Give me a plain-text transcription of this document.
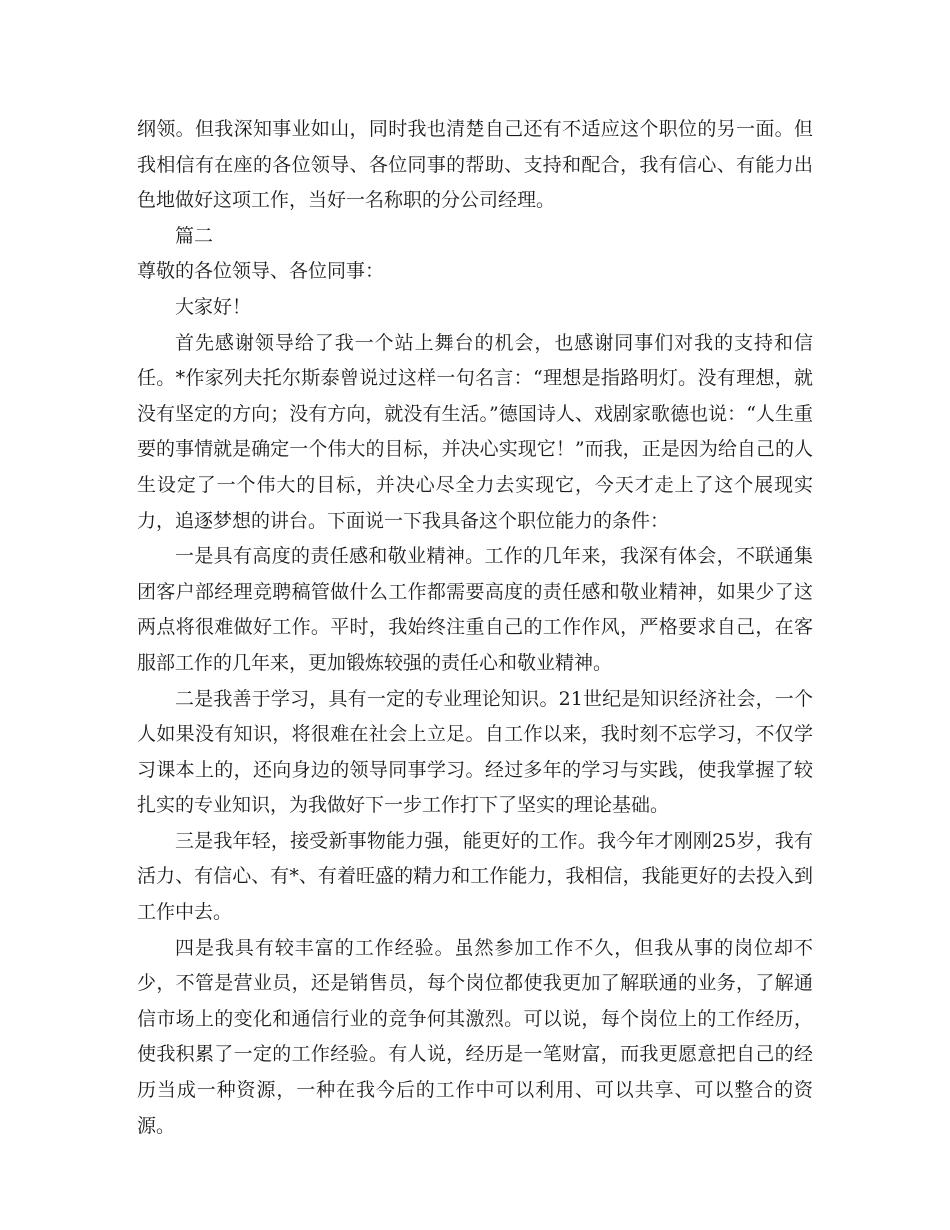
纲领。但我深知事业如山，同时我也清楚自己还有不适应这个职位的另一面。但我相信有在座的各位领导、各位同事的帮助、支持和配合，我有信心、有能力出色地做好这项工作，当好一名称职的分公司经理。

篇二

尊敬的各位领导、各位同事：

大家好！

首先感谢领导给了我一个站上舞台的机会，也感谢同事们对我的支持和信任。*作家列夫托尔斯泰曾说过这样一句名言：“理想是指路明灯。没有理想，就没有坚定的方向；没有方向，就没有生活。”德国诗人、戏剧家歌德也说：“人生重要的事情就是确定一个伟大的目标，并决心实现它！”而我，正是因为给自己的人生设定了一个伟大的目标，并决心尽全力去实现它，今天才走上了这个展现实力，追逐梦想的讲台。下面说一下我具备这个职位能力的条件：

一是具有高度的责任感和敬业精神。工作的几年来，我深有体会，不联通集团客户部经理竞聘稿管做什么工作都需要高度的责任感和敬业精神，如果少了这两点将很难做好工作。平时，我始终注重自己的工作作风，严格要求自己，在客服部工作的几年来，更加锻炼较强的责任心和敬业精神。

二是我善于学习，具有一定的专业理论知识。21世纪是知识经济社会，一个人如果没有知识，将很难在社会上立足。自工作以来，我时刻不忘学习，不仅学习课本上的，还向身边的领导同事学习。经过多年的学习与实践，使我掌握了较扎实的专业知识，为我做好下一步工作打下了坚实的理论基础。

三是我年轻，接受新事物能力强，能更好的工作。我今年才刚刚25岁，我有活力、有信心、有*、有着旺盛的精力和工作能力，我相信，我能更好的去投入到工作中去。

四是我具有较丰富的工作经验。虽然参加工作不久，但我从事的岗位却不少，不管是营业员，还是销售员，每个岗位都使我更加了解联通的业务，了解通信市场上的变化和通信行业的竞争何其激烈。可以说，每个岗位上的工作经历，使我积累了一定的工作经验。有人说，经历是一笔财富，而我更愿意把自己的经历当成一种资源，一种在我今后的工作中可以利用、可以共享、可以整合的资源。
